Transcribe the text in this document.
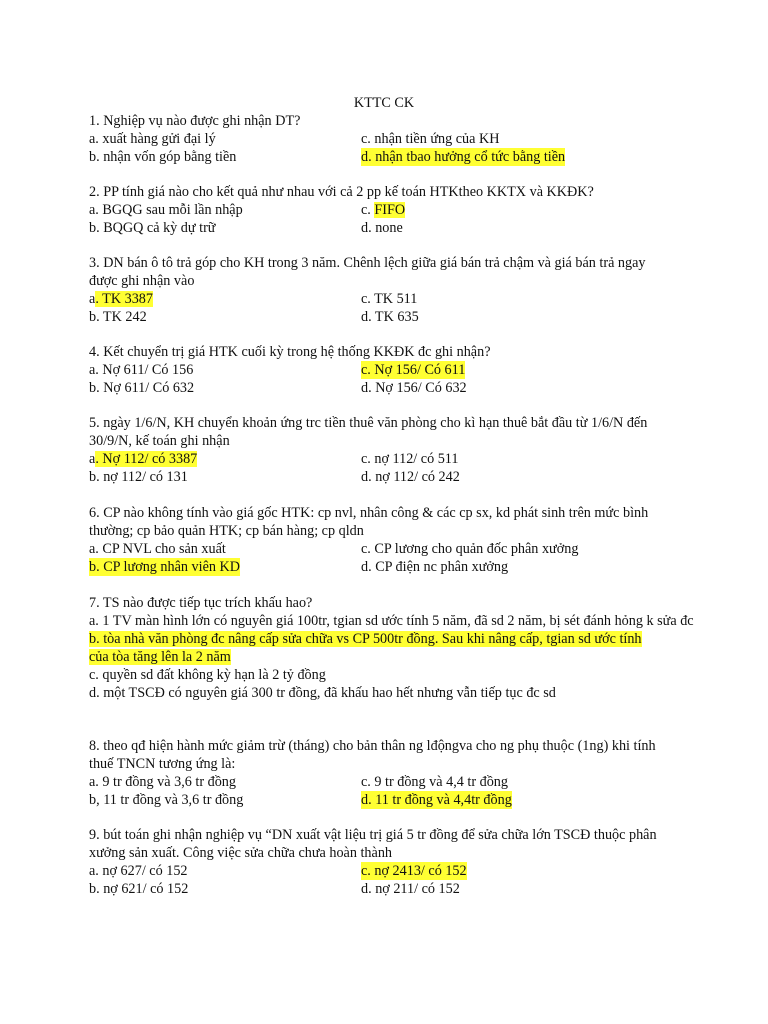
KTTC CK
1. Nghiệp vụ nào được ghi nhận DT?
a. xuất hàng gửi đại lý	c. nhận tiền ứng của KH
b. nhận vốn góp bằng tiền	d. nhận tbao hưởng cổ tức bằng tiền
2. PP tính giá nào cho kết quả như nhau với cả 2 pp kế toán HTKtheo KKTX và KKĐK?
a. BGQG sau mỗi lần nhập	c. FIFO
b. BQGQ cả kỳ dự trữ	d. none
3. DN bán ô tô trả góp cho KH trong 3 năm. Chênh lệch giữa giá bán trả chậm và giá bán trả ngay được ghi nhận vào
a. TK 3387	c. TK 511
b. TK 242	d. TK 635
4. Kết chuyển trị giá HTK cuối kỳ trong hệ thống KKĐK đc ghi nhận?
a. Nợ 611/ Có 156	c. Nợ 156/ Có 611
b. Nợ 611/ Có 632	d. Nợ 156/ Có 632
5. ngày 1/6/N, KH chuyển khoản ứng trc tiền thuê văn phòng cho kì hạn thuê bắt đầu từ 1/6/N đến 30/9/N, kế toán ghi nhận
a. Nợ 112/ có 3387	c. nợ 112/ có 511
b. nợ 112/ có 131	d. nợ 112/ có 242
6. CP nào không tính vào giá gốc HTK: cp nvl, nhân công & các cp sx, kd phát sinh trên mức bình thường; cp bảo quản HTK; cp bán hàng; cp qldn
a. CP NVL cho sản xuất	c. CP lương cho quản đốc phân xưởng
b. CP lương nhân viên KD	d. CP điện nc phân xưởng
7. TS nào được tiếp tục trích khấu hao?
a. 1 TV màn hình lớn có nguyên giá 100tr, tgian sd ước tính 5 năm, đã sd 2 năm, bị sét đánh hỏng k sửa đc
b. tòa nhà văn phòng đc nâng cấp sửa chữa vs CP 500tr đồng. Sau khi nâng cấp, tgian sd ước tính
của tòa tăng lên la 2 năm
c. quyền sd đất không kỳ hạn là 2 tỷ đồng
d. một TSCĐ có nguyên giá 300 tr đồng, đã khấu hao hết nhưng vẫn tiếp tục đc sd
8. theo qđ hiện hành mức giảm trừ (tháng) cho bản thân ng lđộngva cho ng phụ thuộc (1ng) khi tính thuế TNCN tương ứng là:
a. 9 tr đồng và 3,6 tr đồng	c. 9 tr đồng và 4,4 tr đồng
b, 11 tr đồng và 3,6 tr đồng	d. 11 tr đồng và 4,4tr đồng
9. bút toán ghi nhận nghiệp vụ “DN xuất vật liệu trị giá 5 tr đồng để sửa chữa lớn TSCĐ thuộc phân xưởng sản xuất. Công việc sửa chữa chưa hoàn thành
a. nợ 627/ có 152	c. nợ 2413/ có 152
b. nợ 621/ có 152	d. nợ 211/ có 152
